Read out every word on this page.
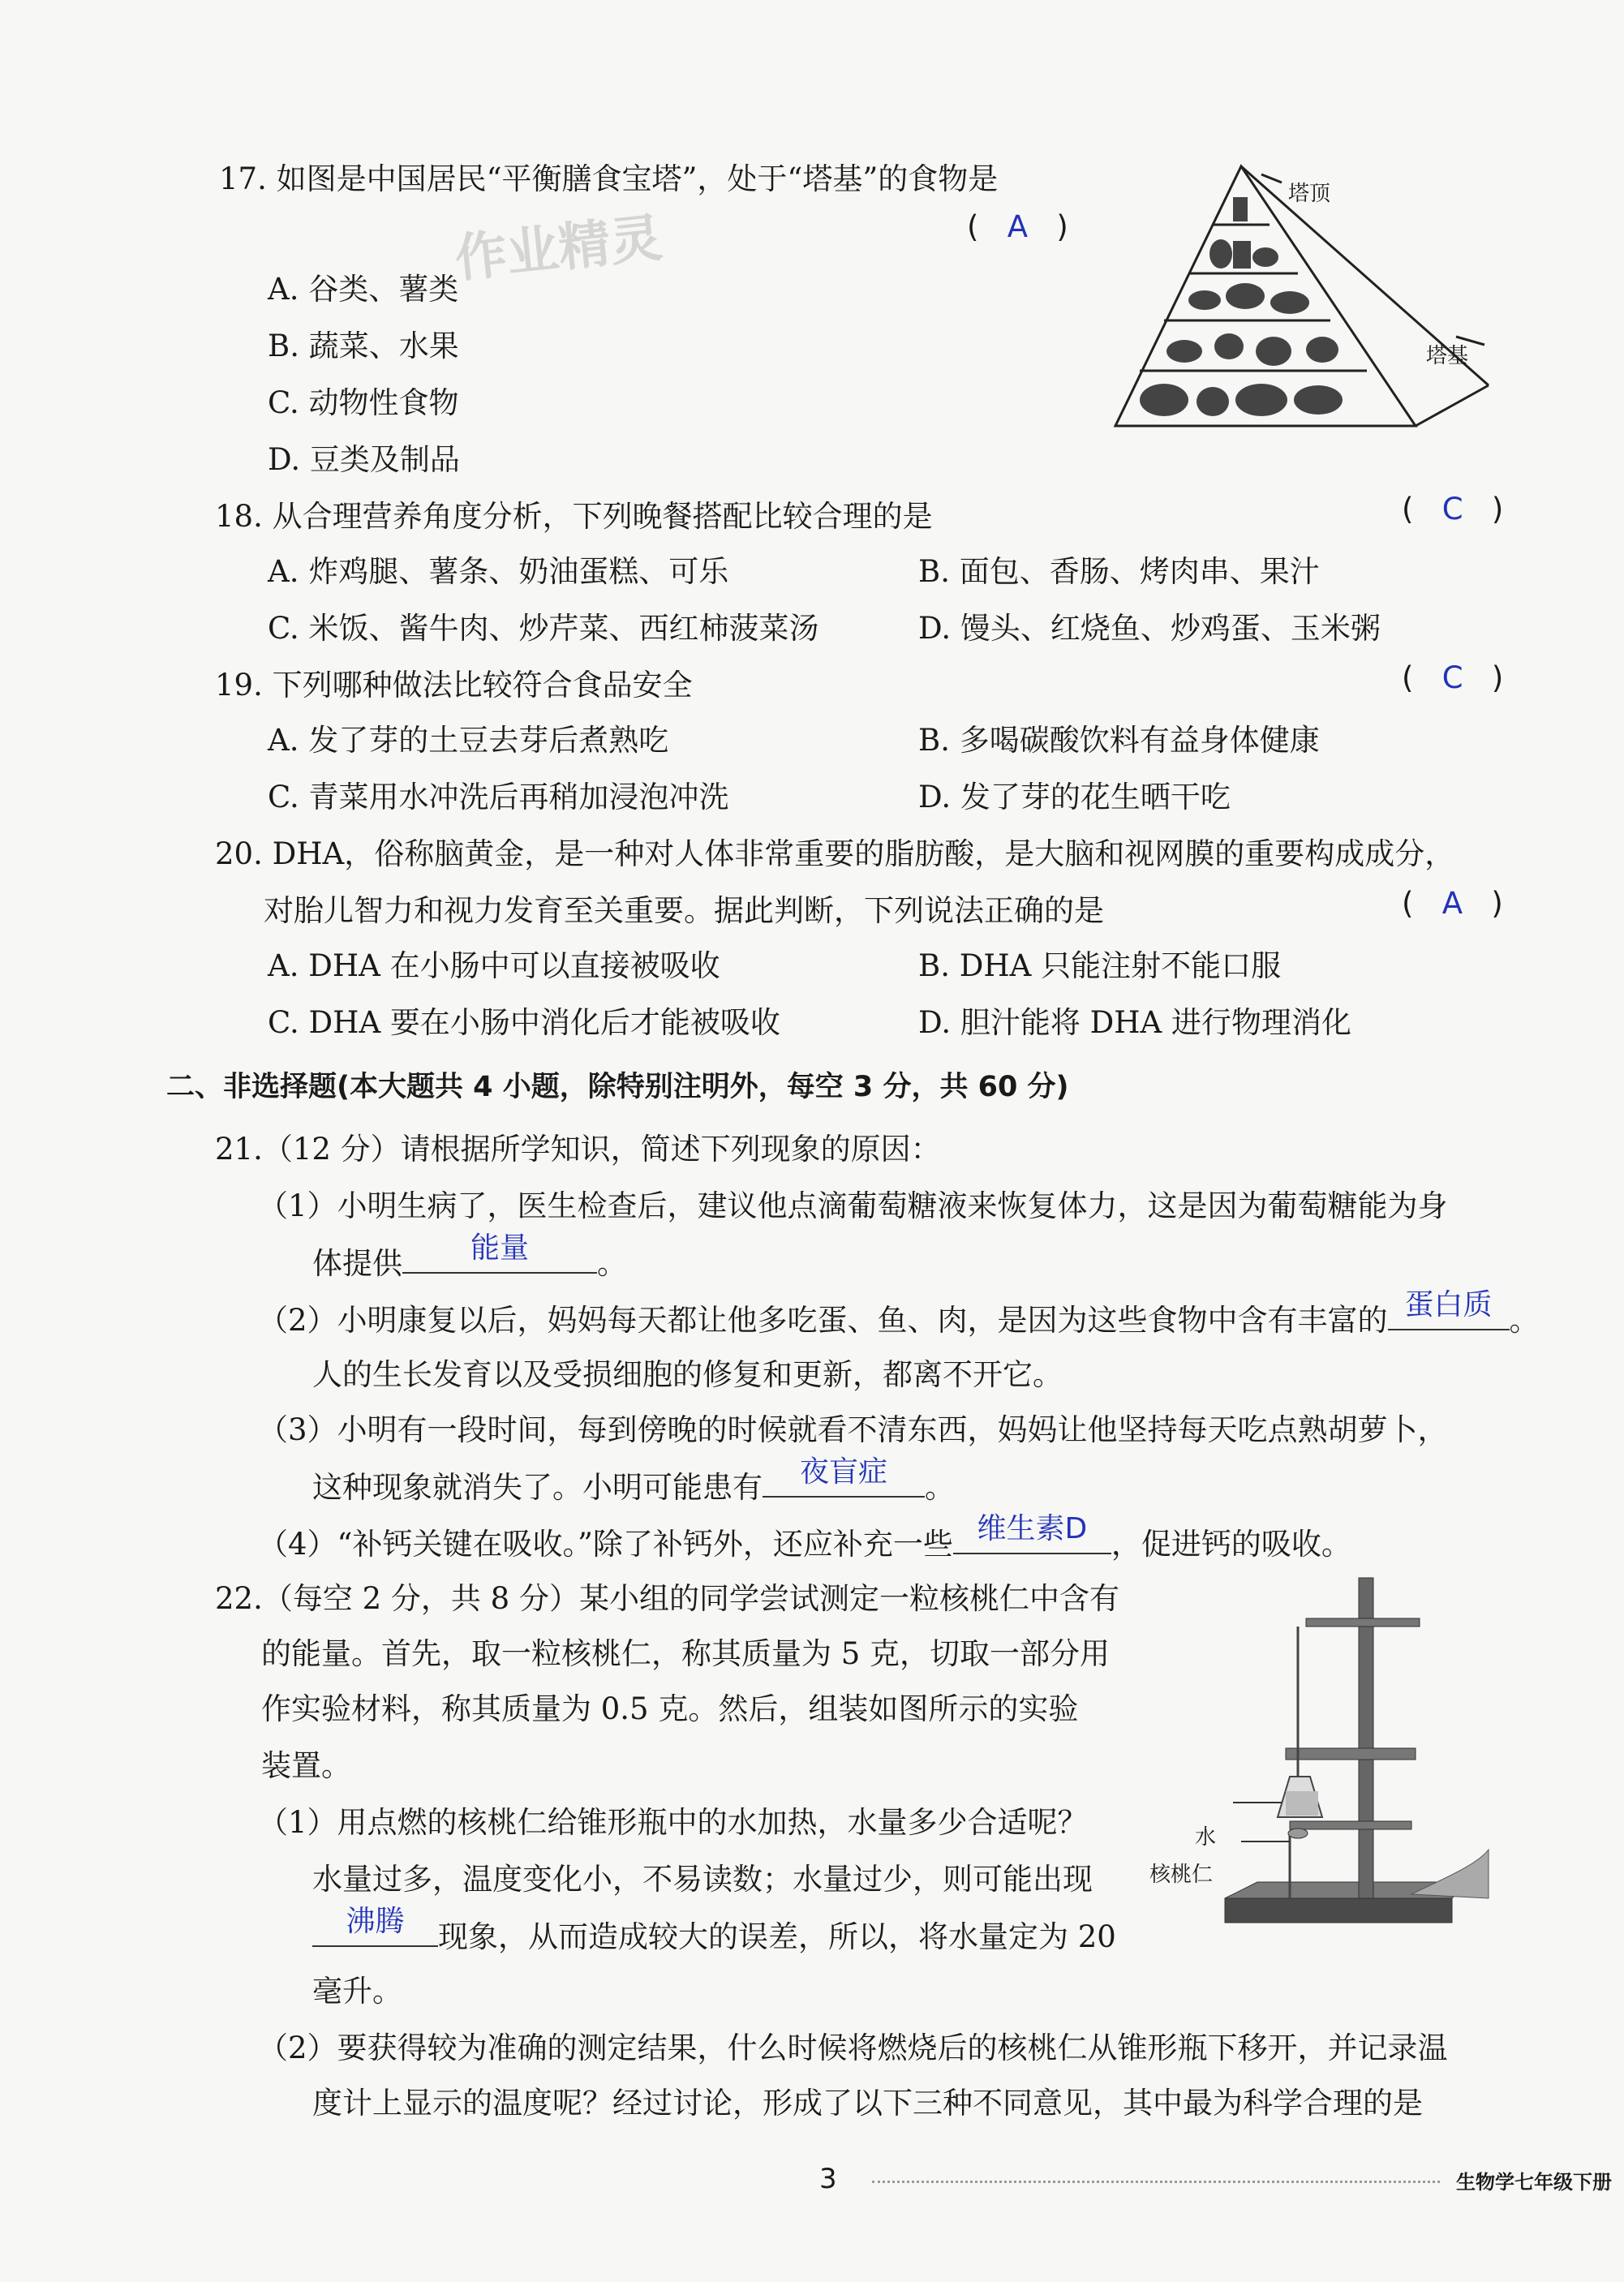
17. 如图是中国居民“平衡膳食宝塔”，处于“塔基”的食物是
(   A   )
作业精灵
A. 谷类、薯类
B. 蔬菜、水果
C. 动物性食物
D. 豆类及制品
塔顶
塔基
18. 从合理营养角度分析，下列晚餐搭配比较合理的是	(   C   )
A. 炸鸡腿、薯条、奶油蛋糕、可乐	B. 面包、香肠、烤肉串、果汁
C. 米饭、酱牛肉、炒芹菜、西红柿菠菜汤	D. 馒头、红烧鱼、炒鸡蛋、玉米粥
19. 下列哪种做法比较符合食品安全	(   C   )
A. 发了芽的土豆去芽后煮熟吃	B. 多喝碳酸饮料有益身体健康
C. 青菜用水冲洗后再稍加浸泡冲洗	D. 发了芽的花生晒干吃
20. DHA，俗称脑黄金，是一种对人体非常重要的脂肪酸，是大脑和视网膜的重要构成成分，
对胎儿智力和视力发育至关重要。据此判断，下列说法正确的是	(   A   )
A. DHA 在小肠中可以直接被吸收	B. DHA 只能注射不能口服
C. DHA 要在小肠中消化后才能被吸收	D. 胆汁能将 DHA 进行物理消化
二、非选择题(本大题共 4 小题，除特别注明外，每空 3 分，共 60 分)
21.（12 分）请根据所学知识，简述下列现象的原因：
（1）小明生病了，医生检查后，建议他点滴葡萄糖液来恢复体力，这是因为葡萄糖能为身
体提供	能量	。
（2）小明康复以后，妈妈每天都让他多吃蛋、鱼、肉，是因为这些食物中含有丰富的 蛋白质 。
人的生长发育以及受损细胞的修复和更新，都离不开它。
（3）小明有一段时间，每到傍晚的时候就看不清东西，妈妈让他坚持每天吃点熟胡萝卜，
这种现象就消失了。小明可能患有	夜盲症	。
（4）“补钙关键在吸收。”除了补钙外，还应补充一些 维生素D ，促进钙的吸收。
22.（每空 2 分，共 8 分）某小组的同学尝试测定一粒核桃仁中含有
的能量。首先，取一粒核桃仁，称其质量为 5 克，切取一部分用
作实验材料，称其质量为 0.5 克。然后，组装如图所示的实验
装置。
（1）用点燃的核桃仁给锥形瓶中的水加热，水量多少合适呢？
水量过多，温度变化小，不易读数；水量过少，则可能出现
沸腾	现象，从而造成较大的误差，所以，将水量定为 20
毫升。
（2）要获得较为准确的测定结果，什么时候将燃烧后的核桃仁从锥形瓶下移开，并记录温
度计上显示的温度呢？经过讨论，形成了以下三种不同意见，其中最为科学合理的是
水
核桃仁
3	生物学七年级下册
